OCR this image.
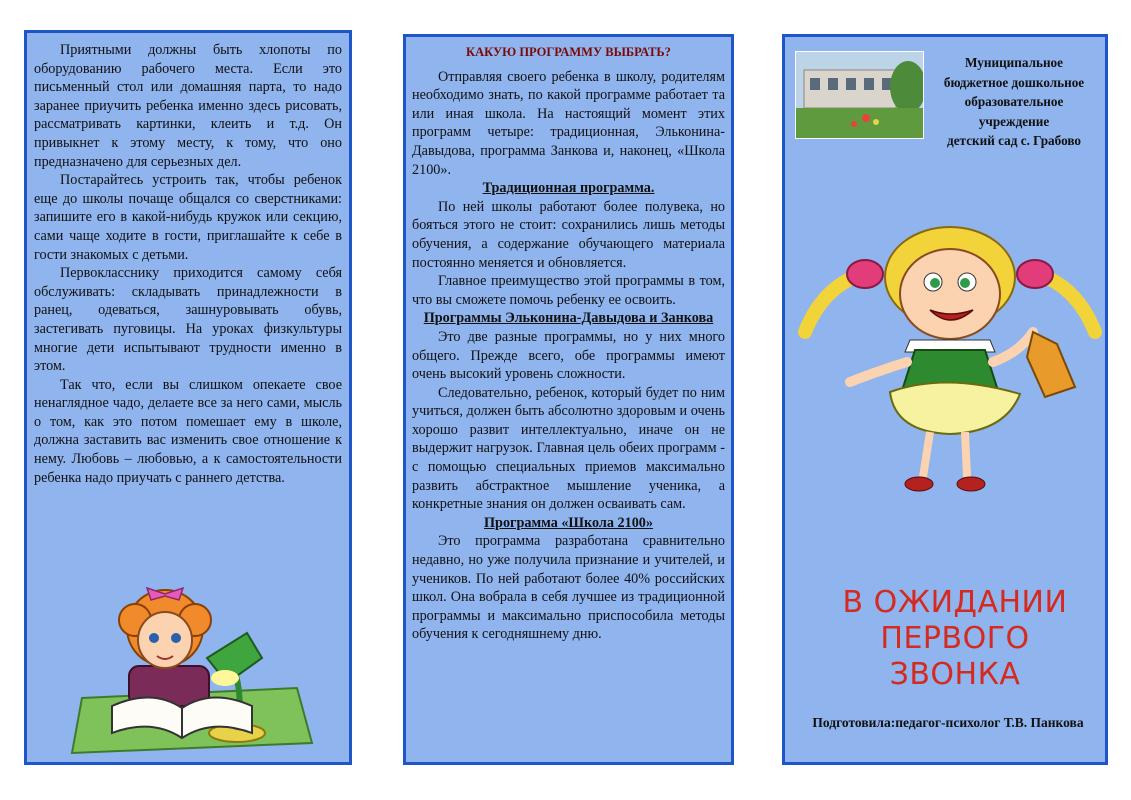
Приятными должны быть хлопоты по оборудованию рабочего места. Если это письменный стол или домашняя парта, то надо заранее приучить ребенка именно здесь рисовать, рассматривать картинки, клеить и т.д. Он привыкнет к этому месту, к тому, что оно предназначено для серьезных дел.

Постарайтесь устроить так, чтобы ребенок еще до школы почаще общался со сверстниками: запишите его в какой-нибудь кружок или секцию, сами чаще ходите в гости, приглашайте к себе в гости знакомых с детьми.

Первокласснику приходится самому себя обслуживать: складывать принадлежности в ранец, одеваться, зашнуровывать обувь, застегивать пуговицы. На уроках физкультуры многие дети испытывают трудности именно в этом.

Так что, если вы слишком опекаете свое ненаглядное чадо, делаете все за него сами, мысль о том, как это потом помешает ему в школе, должна заставить вас изменить свое отношение к нему. Любовь – любовью, а к самостоятельности ребенка надо приучать с раннего детства.

КАКУЮ ПРОГРАММУ ВЫБРАТЬ?

Отправляя своего ребенка в школу, родителям необходимо знать, по какой программе работает та или иная школа. На настоящий момент этих программ четыре: традиционная, Эльконина-Давыдова, программа Занкова и, наконец, «Школа 2100».

Традиционная программа.

По ней школы работают более полувека, но бояться этого не стоит: сохранились лишь методы обучения, а содержание обучающего материала постоянно меняется и обновляется.

Главное преимущество этой программы в том, что вы сможете помочь ребенку ее освоить.

Программы Эльконина-Давыдова и Занкова

Это две разные программы, но у них много общего. Прежде всего, обе программы имеют очень высокий уровень сложности.

Следовательно, ребенок, который будет по ним учиться, должен быть абсолютно здоровым и очень хорошо развит интеллектуально, иначе он не выдержит нагрузок. Главная цель обеих программ - с помощью специальных приемов максимально развить абстрактное мышление ученика, а конкретные знания он должен осваивать сам.

Программа «Школа 2100»

Это программа разработана сравнительно недавно, но уже получила признание и учителей, и учеников. По ней работают более 40% российских школ. Она вобрала в себя лучшее из традиционной программы и максимально приспособила методы обучения к сегодняшнему дню.

Муниципальное
бюджетное дошкольное
образовательное
учреждение
детский сад с. Грабово
В ОЖИДАНИИ
ПЕРВОГО
ЗВОНКА
Подготовила:педагог-психолог Т.В. Панкова
